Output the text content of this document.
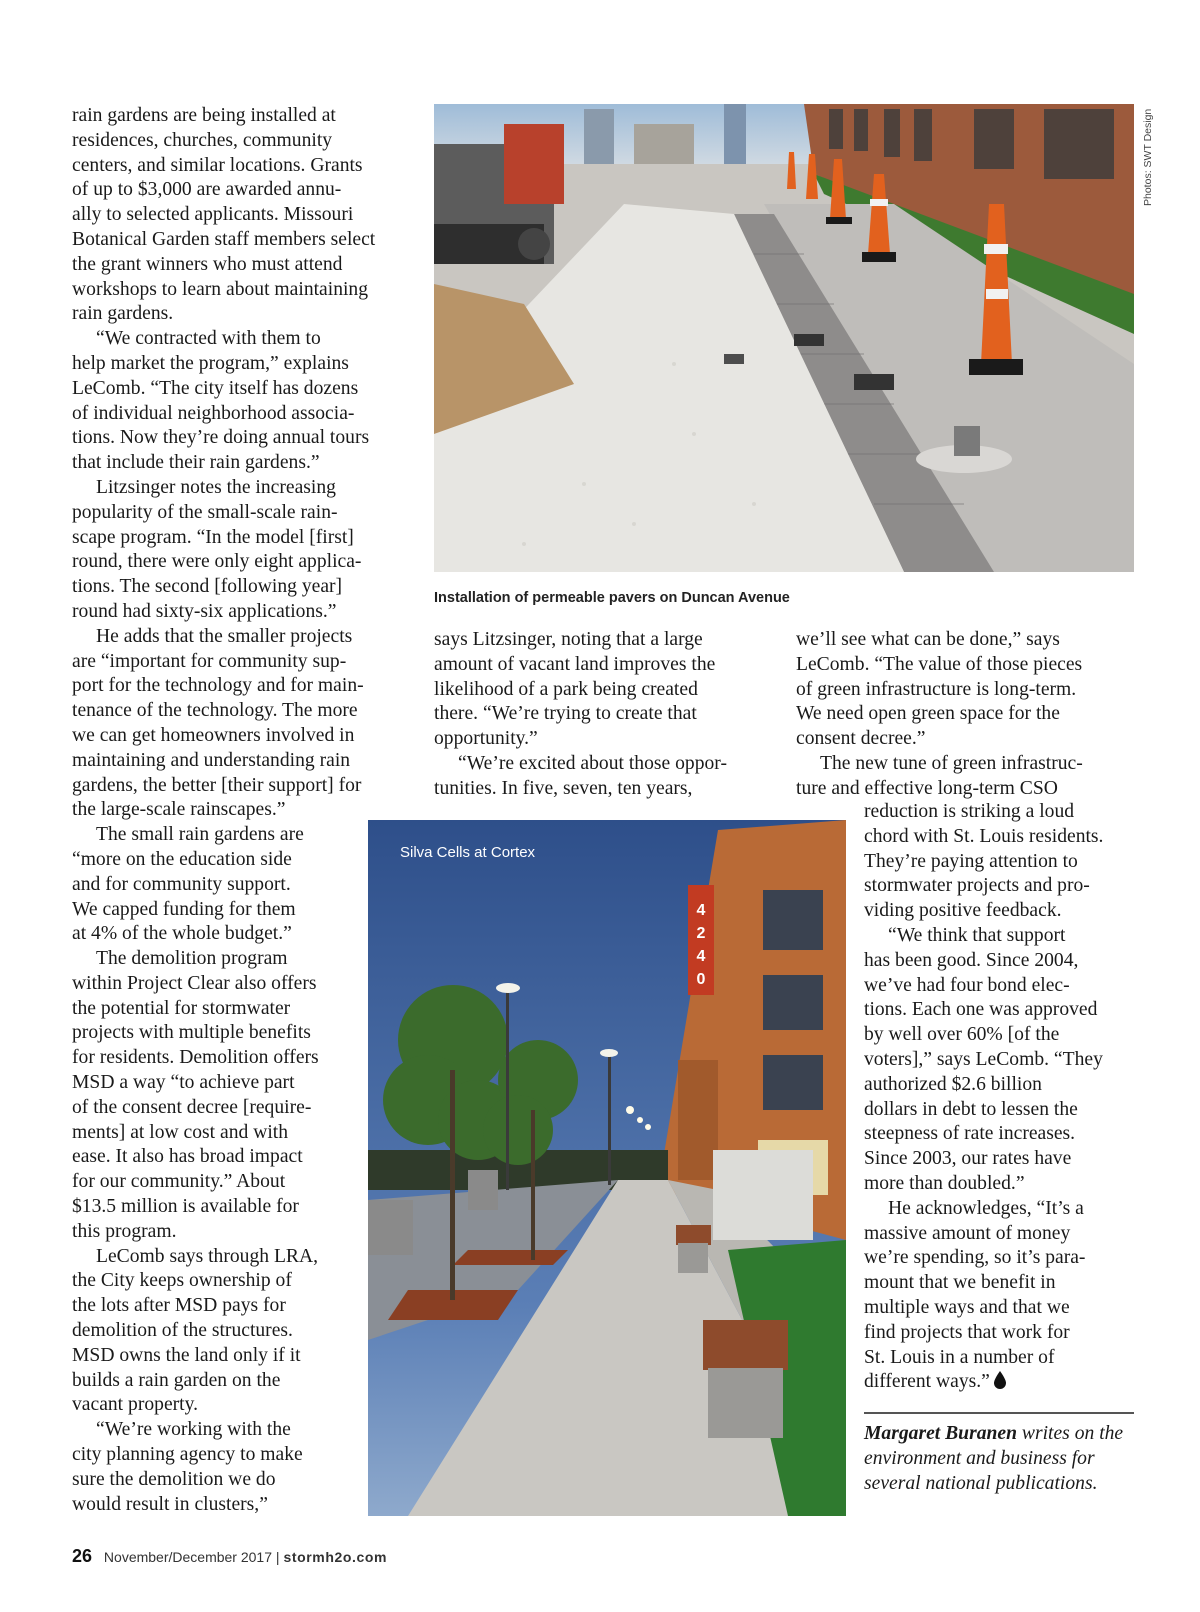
rain gardens are being installed at
residences, churches, community
centers, and similar locations. Grants
of up to $3,000 are awarded annu-
ally to selected applicants. Missouri
Botanical Garden staff members select
the grant winners who must attend
workshops to learn about maintaining
rain gardens.

“We contracted with them to
help market the program,” explains
LeComb. “The city itself has dozens
of individual neighborhood associa-
tions. Now they’re doing annual tours
that include their rain gardens.”

Litzsinger notes the increasing
popularity of the small-scale rain-
scape program. “In the model [first]
round, there were only eight applica-
tions. The second [following year]
round had sixty-six applications.”

He adds that the smaller projects
are “important for community sup-
port for the technology and for main-
tenance of the technology. The more
we can get homeowners involved in
maintaining and understanding rain
gardens, the better [their support] for
the large-scale rainscapes.”

The small rain gardens are
“more on the education side
and for community support.
We capped funding for them
at 4% of the whole budget.”

The demolition program
within Project Clear also offers
the potential for stormwater
projects with multiple benefits
for residents. Demolition offers
MSD a way “to achieve part
of the consent decree [require-
ments] at low cost and with
ease. It also has broad impact
for our community.” About
$13.5 million is available for
this program.

LeComb says through LRA,
the City keeps ownership of
the lots after MSD pays for
demolition of the structures.
MSD owns the land only if it
builds a rain garden on the
vacant property.

“We’re working with the
city planning agency to make
sure the demolition we do
would result in clusters,”

Photos: SWT Design
Installation of permeable pavers on Duncan Avenue

says Litzsinger, noting that a large
amount of vacant land improves the
likelihood of a park being created
there. “We’re trying to create that
opportunity.”

“We’re excited about those oppor-
tunities. In five, seven, ten years,

we’ll see what can be done,” says
LeComb. “The value of those pieces
of green infrastructure is long-term.
We need open green space for the
consent decree.”

The new tune of green infrastruc-
ture and effective long-term CSO

4
2
4
0
Silva Cells at Cortex

reduction is striking a loud
chord with St. Louis residents.
They’re paying attention to
stormwater projects and pro-
viding positive feedback.

“We think that support
has been good. Since 2004,
we’ve had four bond elec-
tions. Each one was approved
by well over 60% [of the
voters],” says LeComb. “They
authorized $2.6 billion
dollars in debt to lessen the
steepness of rate increases.
Since 2003, our rates have
more than doubled.”

He acknowledges, “It’s a
massive amount of money
we’re spending, so it’s para-
mount that we benefit in
multiple ways and that we
find projects that work for
St. Louis in a number of
different ways.”

Margaret Buranen writes on the environment and business for several national publications.
26 November/December 2017 | stormh2o.com
